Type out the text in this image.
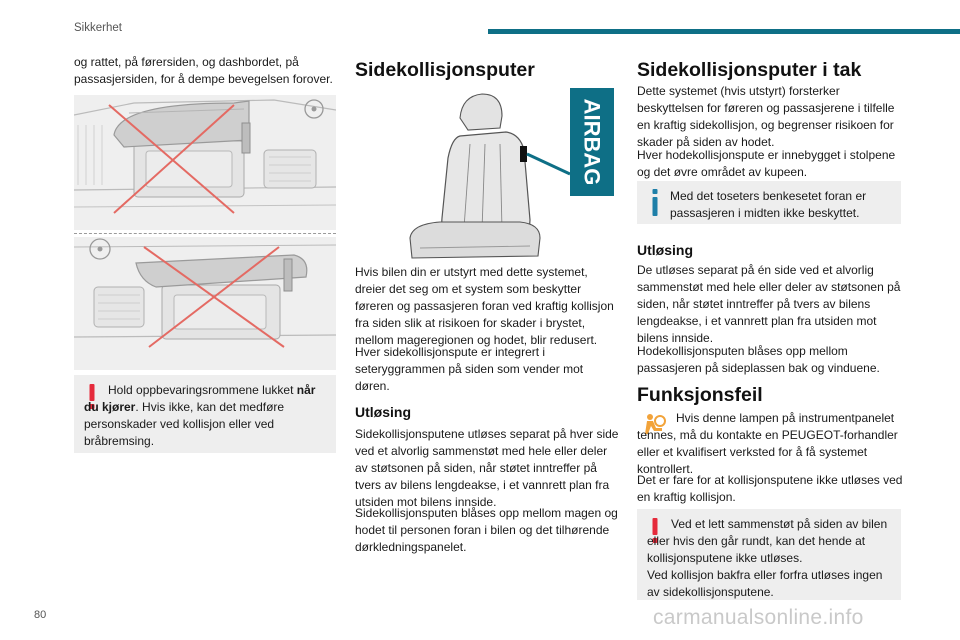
Sikkerhet

og rattet, på førersiden, og dashbordet, på passasjersiden, for å dempe bevegelsen forover.

Hold oppbevaringsrommene lukket når du kjører. Hvis ikke, kan det medføre personskader ved kollisjon eller ved bråbremsing.
Sidekollisjonsputer
AIRBAG

Hvis bilen din er utstyrt med dette systemet, dreier det seg om et system som beskytter føreren og passasjeren foran ved kraftig kollisjon fra siden slik at risikoen for skader i brystet, mellom mageregionen og hodet, blir redusert.

Hver sidekollisjonspute er integrert i seteryggrammen på siden som vender mot døren.

Utløsing

Sidekollisjonsputene utløses separat på hver side ved et alvorlig sammenstøt med hele eller deler av støtsonen på siden, når støtet inntreffer på tvers av bilens lengdeakse, i et vannrett plan fra utsiden mot bilens innside.

Sidekollisjonsputen blåses opp mellom magen og hodet til personen foran i bilen og det tilhørende dørkledningspanelet.

Sidekollisjonsputer i tak

Dette systemet (hvis utstyrt) forsterker beskyttelsen for føreren og passasjerene i tilfelle en kraftig sidekollisjon, og begrenser risikoen for skader på siden av hodet.

Hver hodekollisjonspute er innebygget i stolpene og det øvre området av kupeen.

Med det toseters benkesetet foran er passasjeren i midten ikke beskyttet.
Utløsing

De utløses separat på én side ved et alvorlig sammenstøt med hele eller deler av støtsonen på siden, når støtet inntreffer på tvers av bilens lengdeakse, i et vannrett plan fra utsiden mot bilens innside.

Hodekollisjonsputen blåses opp mellom passasjeren på sideplassen bak og vinduene.

Funksjonsfeil

Hvis denne lampen på instrumentpanelet tennes, må du kontakte en PEUGEOT-forhandler eller et kvalifisert verksted for å få systemet kontrollert.

Det er fare for at kollisjonsputene ikke utløses ved en kraftig kollisjon.

Ved et lett sammenstøt på siden av bilen eller hvis den går rundt, kan det hende at kollisjonsputene ikke utløses.
Ved kollisjon bakfra eller forfra utløses ingen av sidekollisjonsputene.
80	carmanualsonline.info
